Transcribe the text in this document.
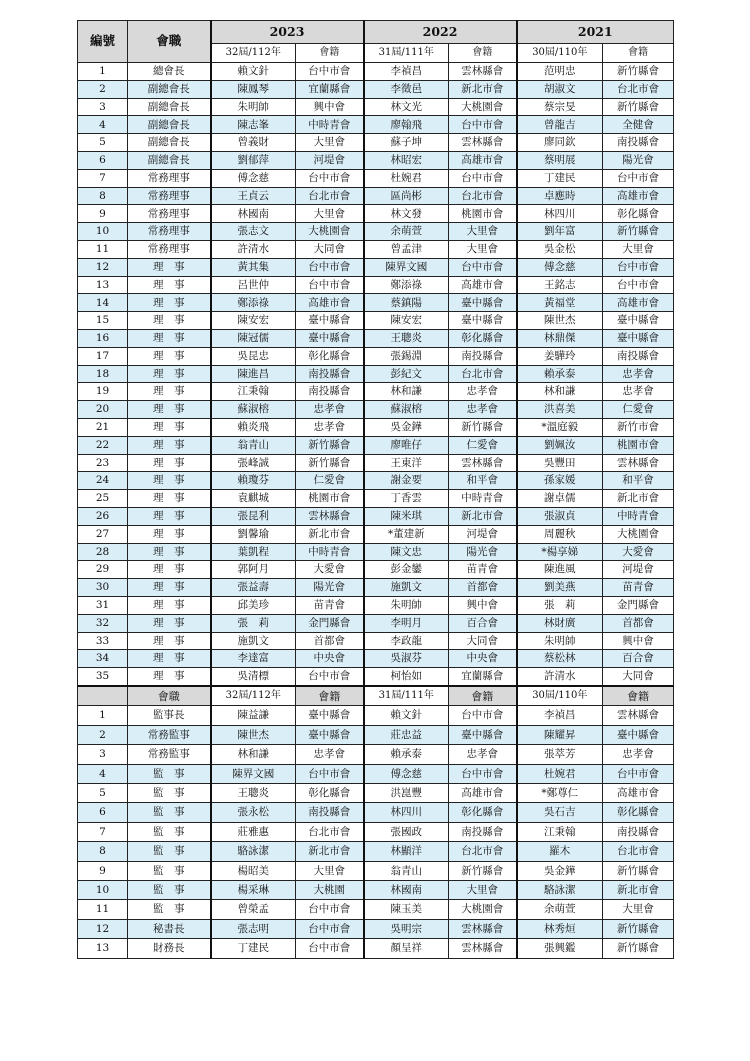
編號	會職	2023		2022		2021	
		32屆/112年	會籍	31屆/111年	會籍	30屆/110年	會籍
1	總會長	賴文針	台中市會	李禎昌	雲林縣會	范明忠	新竹縣會
2	副總會長	陳鳳琴	宜蘭縣會	李徵邑	新北市會	胡淑文	台北市會
3	副總會長	朱明帥	興中會	林文光	大桃園會	蔡宗旻	新竹縣會
4	副總會長	陳志峯	中時青會	廖翰飛	台中市會	曾龍吉	全健會
5	副總會長	曾義財	大里會	蘇子坤	雲林縣會	廖同欽	南投縣會
6	副總會長	劉郁萍	河堤會	林昭宏	高雄市會	蔡明展	陽光會
7	常務理事	傅念慈	台中市會	杜婉君	台中市會	丁建民	台中市會
8	常務理事	王貞云	台北市會	區尚彬	台北市會	卓應時	高雄市會
9	常務理事	林國南	大里會	林文發	桃園市會	林四川	彰化縣會
10	常務理事	張志文	大桃園會	余萌萱	大里會	劉年富	新竹縣會
11	常務理事	許清水	大同會	曾孟津	大里會	吳金松	大里會
12	理　事	黃其集	台中市會	陳界文國	台中市會	傅念慈	台中市會
13	理　事	呂世仲	台中市會	鄭添祿	高雄市會	王銘志	台中市會
14	理　事	鄭添祿	高雄市會	蔡鎮陽	臺中縣會	黃福堂	高雄市會
15	理　事	陳安宏	臺中縣會	陳安宏	臺中縣會	陳世杰	臺中縣會
16	理　事	陳冠儒	臺中縣會	王聰炎	彰化縣會	林鼎傑	臺中縣會
17	理　事	吳昆忠	彰化縣會	張錫淵	南投縣會	姜驊玲	南投縣會
18	理　事	陳進昌	南投縣會	彭紀文	台北市會	賴承泰	忠孝會
19	理　事	江秉翰	南投縣會	林和謙	忠孝會	林和謙	忠孝會
20	理　事	蘇淑榕	忠孝會	蘇淑榕	忠孝會	洪喜美	仁愛會
21	理　事	賴炎飛	忠孝會	吳金鏵	新竹縣會	*溫庭毅	新竹市會
22	理　事	翁青山	新竹縣會	廖唯仔	仁愛會	劉姵汝	桃園市會
23	理　事	張峰誠	新竹縣會	王東洋	雲林縣會	吳豐田	雲林縣會
24	理　事	賴瓊芬	仁愛會	謝金要	和平會	孫家媛	和平會
25	理　事	袁麒城	桃園市會	丁香雲	中時青會	謝卓儒	新北市會
26	理　事	張昆利	雲林縣會	陳米琪	新北市會	張淑貞	中時青會
27	理　事	劉馨瑜	新北市會	*董建新	河堤會	周麗秋	大桃園會
28	理　事	葉凱程	中時青會	陳文忠	陽光會	*楊享娣	大愛會
29	理　事	郭阿月	大愛會	彭金鑾	苗青會	陳進風	河堤會
30	理　事	張益壽	陽光會	施凱文	首都會	劉美燕	苗青會
31	理　事	邱美珍	苗青會	朱明帥	興中會	張　莉	金門縣會
32	理　事	張　莉	金門縣會	李明月	百合會	林財廣	首都會
33	理　事	施凱文	首都會	李政龍	大同會	朱明帥	興中會
34	理　事	李達富	中央會	吳淑芬	中央會	蔡松林	百合會
35	理　事	吳清標	台中市會	柯怡如	宜蘭縣會	許清水	大同會
	會職	32屆/112年	會籍	31屆/111年	會籍	30屆/110年	會籍
1	監事長	陳益謙	臺中縣會	賴文針	台中市會	李禎昌	雲林縣會
2	常務監事	陳世杰	臺中縣會	莊忠益	臺中縣會	陳耀昇	臺中縣會
3	常務監事	林和謙	忠孝會	賴承泰	忠孝會	張萃芳	忠孝會
4	監　事	陳界文國	台中市會	傅念慈	台中市會	杜婉君	台中市會
5	監　事	王聰炎	彰化縣會	洪崑豐	高雄市會	*鄭尊仁	高雄市會
6	監　事	張永松	南投縣會	林四川	彰化縣會	吳石吉	彰化縣會
7	監　事	莊雅惠	台北市會	張國政	南投縣會	江秉翰	南投縣會
8	監　事	駱詠潔	新北市會	林顯洋	台北市會	羅木	台北市會
9	監　事	楊昭美	大里會	翁青山	新竹縣會	吳金鏵	新竹縣會
10	監　事	楊采琳	大桃園	林國南	大里會	駱詠潔	新北市會
11	監　事	曾榮孟	台中市會	陳玉美	大桃園會	余萌萱	大里會
12	秘書長	張志明	台中市會	吳明宗	雲林縣會	林秀烜	新竹縣會
13	財務長	丁建民	台中市會	顏呈祥	雲林縣會	張興鑑	新竹縣會
